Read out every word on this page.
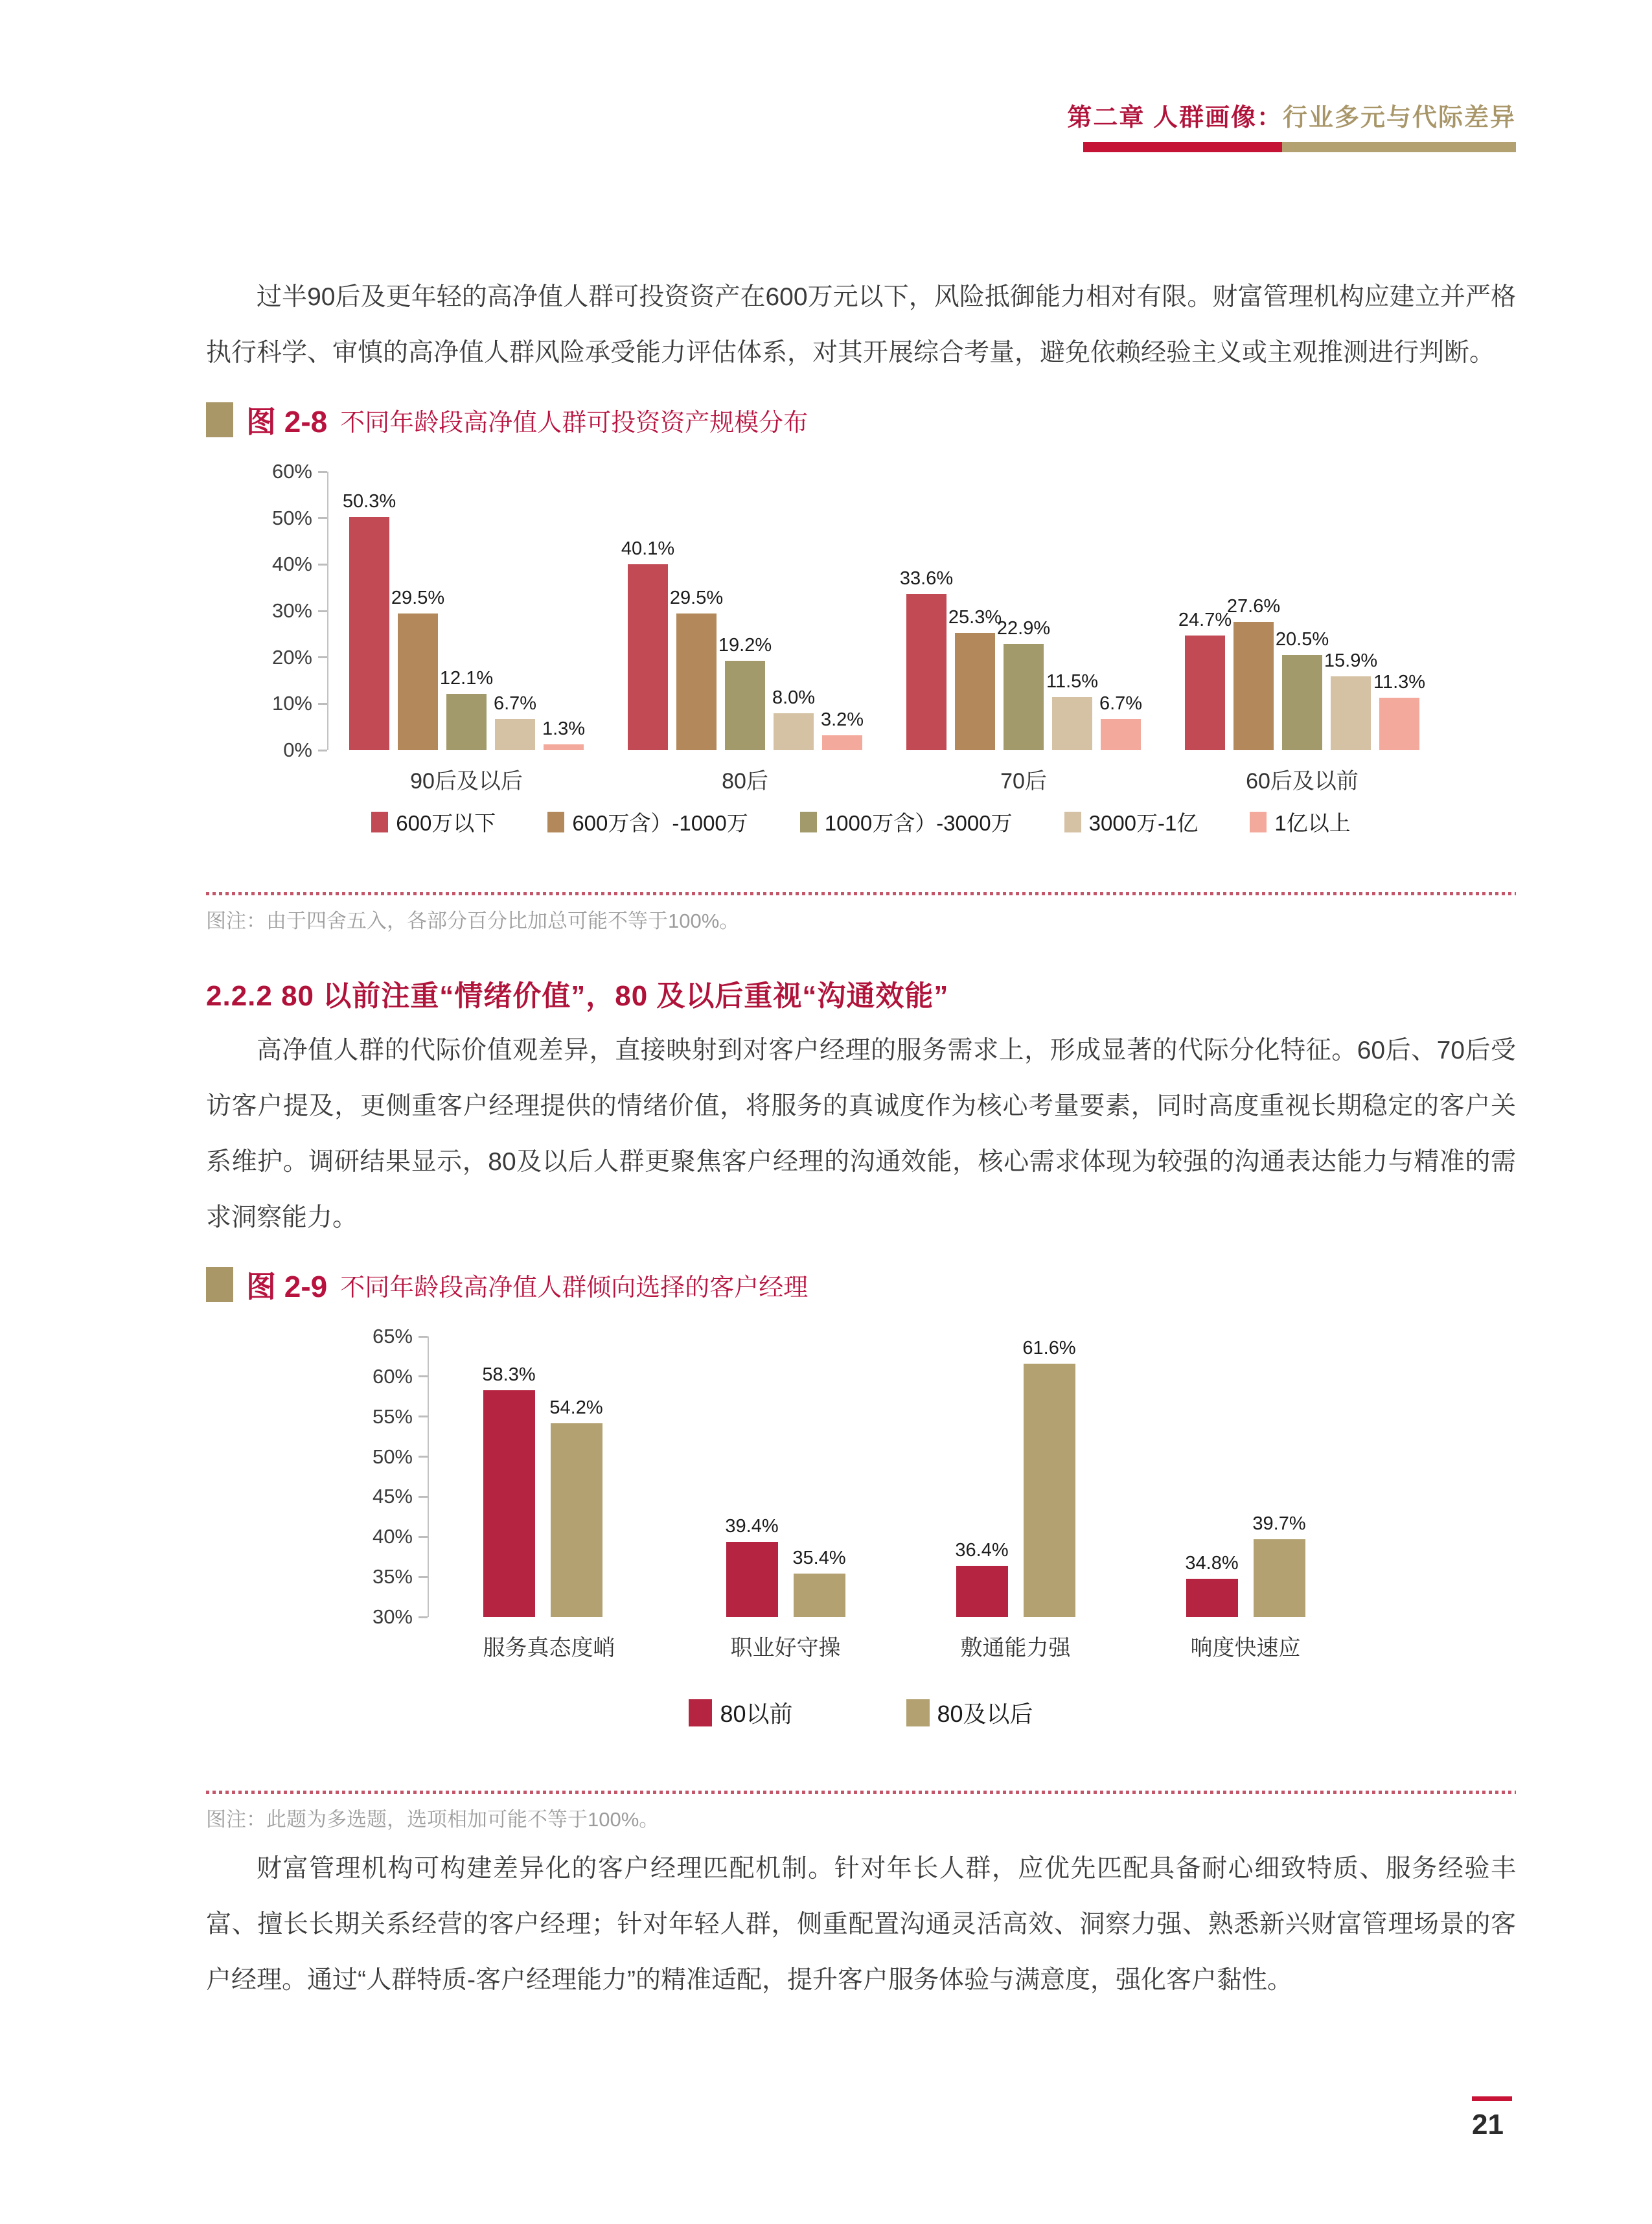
第二章 人群画像：行业多元与代际差异

过半90后及更年轻的高净值人群可投资资产在600万元以下，风险抵御能力相对有限。财富管理机构应建立并严格执行科学、审慎的高净值人群风险承受能力评估体系，对其开展综合考量，避免依赖经验主义或主观推测进行判断。

图 2-8 不同年龄段高净值人群可投资资产规模分布
0%
10%
20%
30%
40%
50%
60%
50.3%
29.5%
12.1%
6.7%
1.3%
90后及以后
40.1%
29.5%
19.2%
8.0%
3.2%
80后
33.6%
25.3%
22.9%
11.5%
6.7%
70后
24.7%
27.6%
20.5%
15.9%
11.3%
60后及以前
600万以下	600万含）-1000万	1000万含）-3000万	3000万-1亿	1亿以上

图注：由于四舍五入，各部分百分比加总可能不等于100%。

2.2.2 80 以前注重“情绪价值”，80 及以后重视“沟通效能”

高净值人群的代际价值观差异，直接映射到对客户经理的服务需求上，形成显著的代际分化特征。60后、70后受访客户提及，更侧重客户经理提供的情绪价值，将服务的真诚度作为核心考量要素，同时高度重视长期稳定的客户关系维护。调研结果显示，80及以后人群更聚焦客户经理的沟通效能，核心需求体现为较强的沟通表达能力与精准的需求洞察能力。

图 2-9 不同年龄段高净值人群倾向选择的客户经理
30%
35%
40%
45%
50%
55%
60%
65%
58.3%
54.2%
服务真态度峭
39.4%
35.4%
职业好守操
36.4%
61.6%
敷通能力强
34.8%
39.7%
响度快速应
80以前	80及以后

图注：此题为多选题，选项相加可能不等于100%。

财富管理机构可构建差异化的客户经理匹配机制。针对年长人群，应优先匹配具备耐心细致特质、服务经验丰富、擅长长期关系经营的客户经理；针对年轻人群，侧重配置沟通灵活高效、洞察力强、熟悉新兴财富管理场景的客户经理。通过“人群特质-客户经理能力”的精准适配，提升客户服务体验与满意度，强化客户黏性。

21
